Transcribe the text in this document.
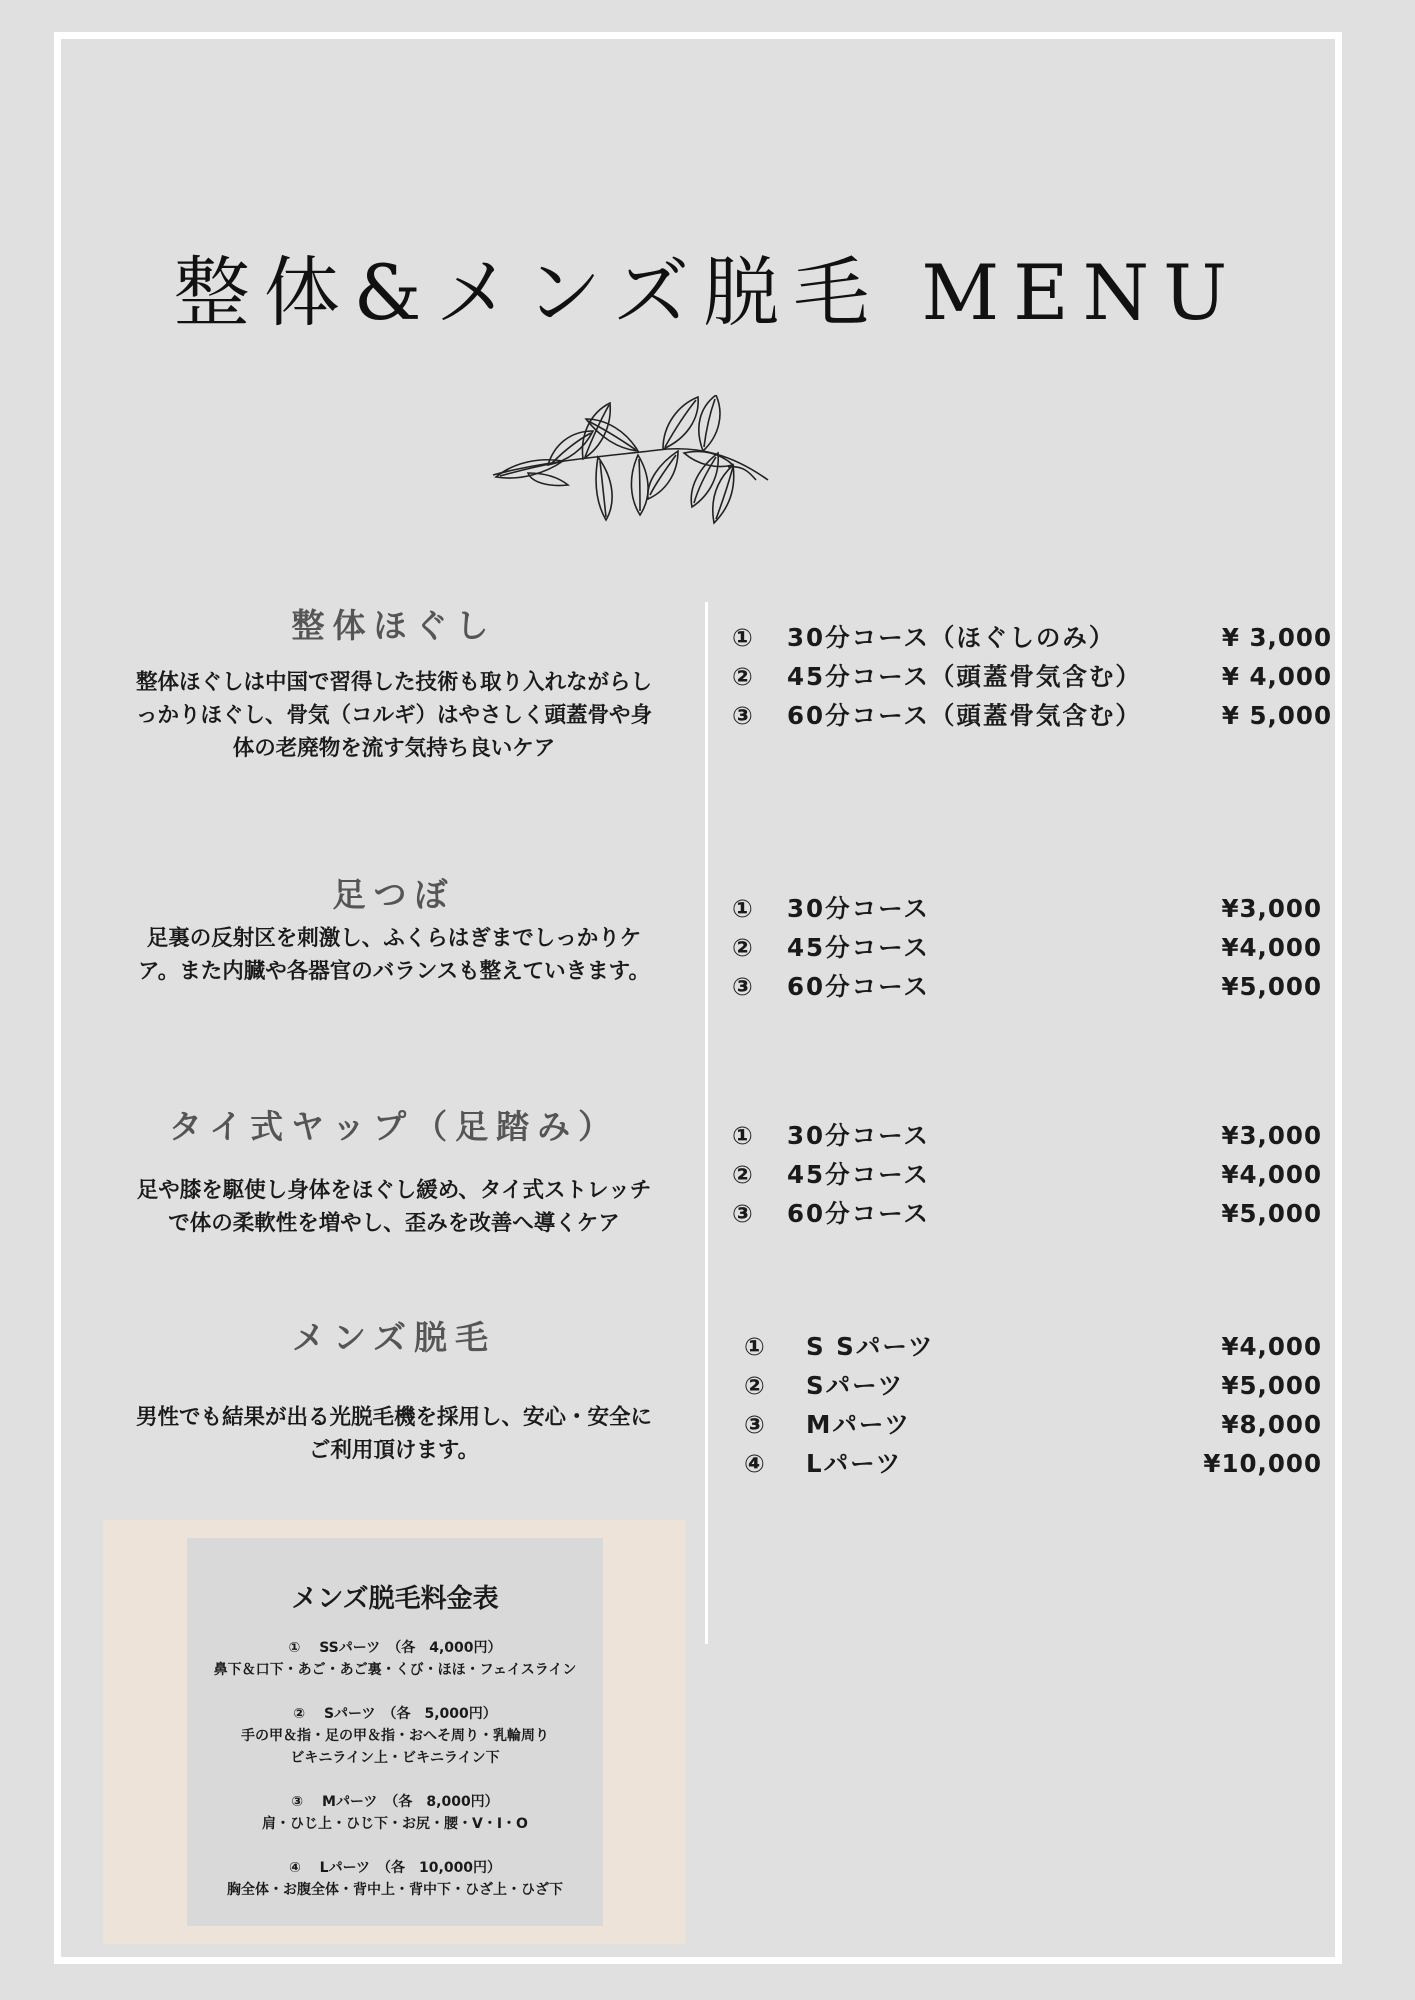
整体&メンズ脱毛 MENU
整体ほぐし
整体ほぐしは中国で習得した技術も取り入れながらし
っかりほぐし、骨気（コルギ）はやさしく頭蓋骨や身
体の老廃物を流す気持ち良いケア
① 30分コース（ほぐしのみ）	¥ 3,000
② 45分コース（頭蓋骨気含む）	¥ 4,000
③ 60分コース（頭蓋骨気含む）	¥ 5,000
足つぼ
足裏の反射区を刺激し、ふくらはぎまでしっかりケ
ア。また内臓や各器官のバランスも整えていきます。
① 30分コース	¥3,000
② 45分コース	¥4,000
③ 60分コース	¥5,000
タイ式ヤップ（足踏み）
足や膝を駆使し身体をほぐし緩め、タイ式ストレッチ
で体の柔軟性を増やし、歪みを改善へ導くケア
① 30分コース	¥3,000
② 45分コース	¥4,000
③ 60分コース	¥5,000
メンズ脱毛
男性でも結果が出る光脱毛機を採用し、安心・安全に
ご利用頂けます。
① S Sパーツ	¥4,000
② Sパーツ	¥5,000
③ Mパーツ	¥8,000
④ Lパーツ	¥10,000
メンズ脱毛料金表
①　 SSパーツ　（各　4,000円）
鼻下＆口下・あご・あご裏・くび・ほほ・フェイスライン
②　 Sパーツ　（各　5,000円）
手の甲＆指・足の甲＆指・おへそ周り・乳輪周り
ビキニライン上・ビキニライン下
③　 Mパーツ　（各　8,000円）
肩・ひじ上・ひじ下・お尻・腰・V・I・O
④　 Lパーツ　（各　10,000円）
胸全体・お腹全体・背中上・背中下・ひざ上・ひざ下
